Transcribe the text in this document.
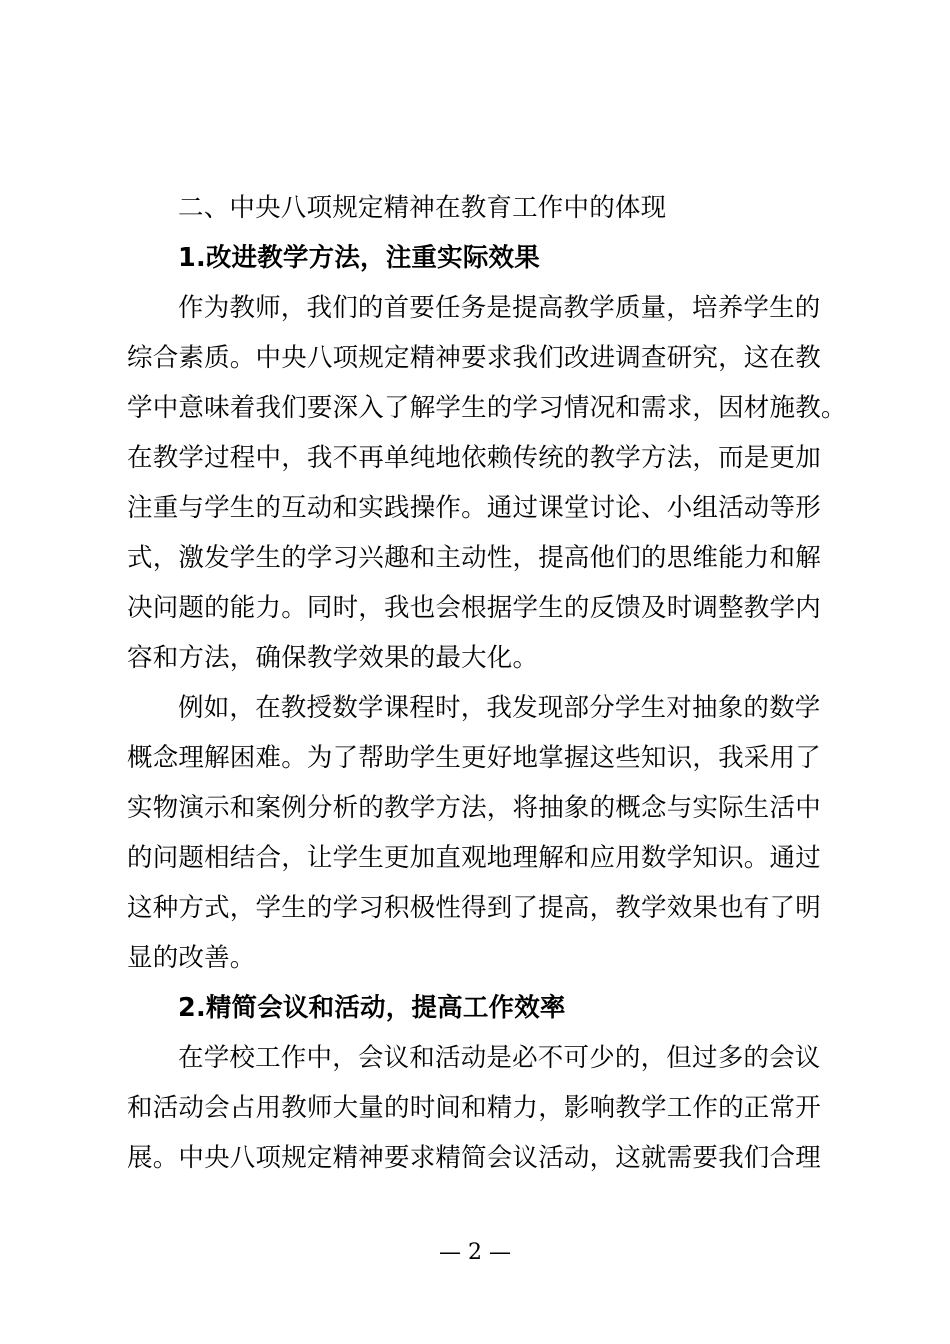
二、中央八项规定精神在教育工作中的体现

1.改进教学方法，注重实际效果

作为教师，我们的首要任务是提高教学质量，培养学生的

综合素质。中央八项规定精神要求我们改进调查研究，这在教

学中意味着我们要深入了解学生的学习情况和需求，因材施教。

在教学过程中，我不再单纯地依赖传统的教学方法，而是更加

注重与学生的互动和实践操作。通过课堂讨论、小组活动等形

式，激发学生的学习兴趣和主动性，提高他们的思维能力和解

决问题的能力。同时，我也会根据学生的反馈及时调整教学内

容和方法，确保教学效果的最大化。

例如，在教授数学课程时，我发现部分学生对抽象的数学

概念理解困难。为了帮助学生更好地掌握这些知识，我采用了

实物演示和案例分析的教学方法，将抽象的概念与实际生活中

的问题相结合，让学生更加直观地理解和应用数学知识。通过

这种方式，学生的学习积极性得到了提高，教学效果也有了明

显的改善。

2.精简会议和活动，提高工作效率

在学校工作中，会议和活动是必不可少的，但过多的会议

和活动会占用教师大量的时间和精力，影响教学工作的正常开

展。中央八项规定精神要求精简会议活动，这就需要我们合理

— 2 —
